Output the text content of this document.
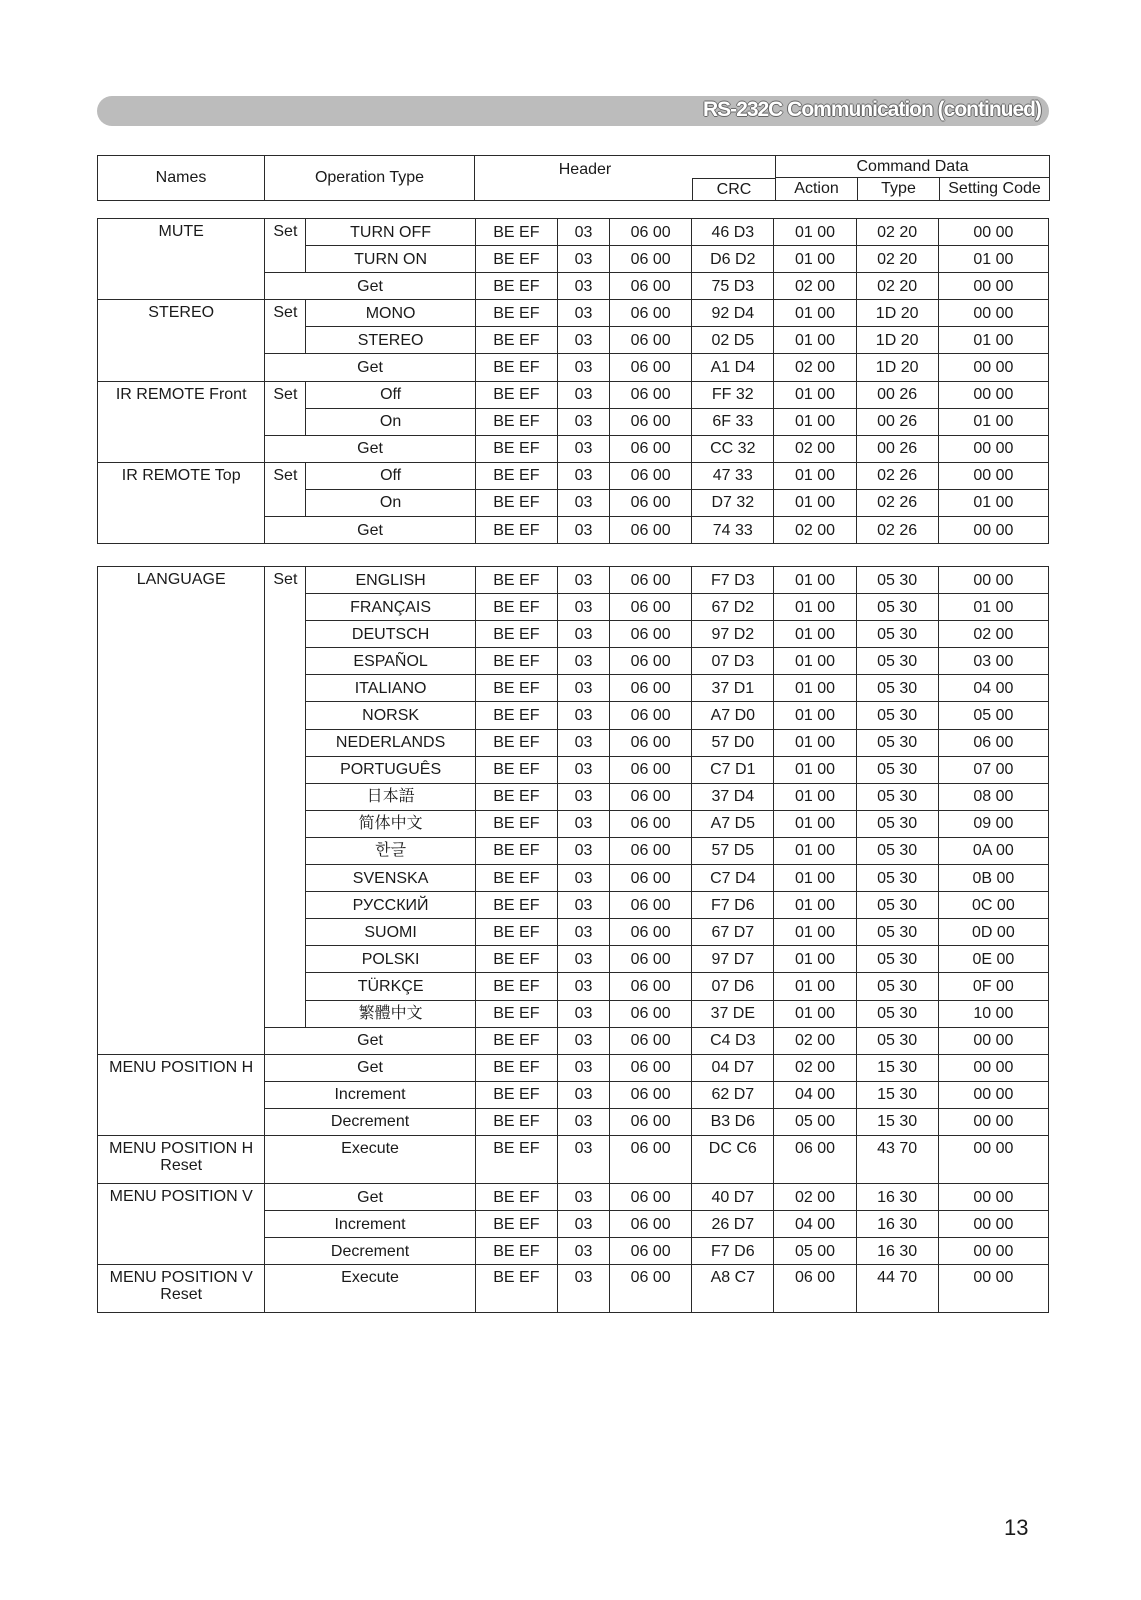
RS-232C Communication (continued)
Names	Operation Type	Header	Command Data		
		CRC	Action	Type	Setting Code
MUTE	Set	TURN OFF	BE EF	03	06 00	46 D3	01 00	02 20	00 00
		TURN ON	BE EF	03	06 00	D6 D2	01 00	02 20	01 00
	Get		BE EF	03	06 00	75 D3	02 00	02 20	00 00
STEREO	Set	MONO	BE EF	03	06 00	92 D4	01 00	1D 20	00 00
		STEREO	BE EF	03	06 00	02 D5	01 00	1D 20	01 00
	Get		BE EF	03	06 00	A1 D4	02 00	1D 20	00 00
IR REMOTE Front	Set	Off	BE EF	03	06 00	FF 32	01 00	00 26	00 00
		On	BE EF	03	06 00	6F 33	01 00	00 26	01 00
	Get		BE EF	03	06 00	CC 32	02 00	00 26	00 00
IR REMOTE Top	Set	Off	BE EF	03	06 00	47 33	01 00	02 26	00 00
		On	BE EF	03	06 00	D7 32	01 00	02 26	01 00
	Get		BE EF	03	06 00	74 33	02 00	02 26	00 00
LANGUAGE	Set	ENGLISH	BE EF	03	06 00	F7 D3	01 00	05 30	00 00
		FRANÇAIS	BE EF	03	06 00	67 D2	01 00	05 30	01 00
		DEUTSCH	BE EF	03	06 00	97 D2	01 00	05 30	02 00
		ESPAÑOL	BE EF	03	06 00	07 D3	01 00	05 30	03 00
		ITALIANO	BE EF	03	06 00	37 D1	01 00	05 30	04 00
		NORSK	BE EF	03	06 00	A7 D0	01 00	05 30	05 00
		NEDERLANDS	BE EF	03	06 00	57 D0	01 00	05 30	06 00
		PORTUGUÊS	BE EF	03	06 00	C7 D1	01 00	05 30	07 00
		日本語	BE EF	03	06 00	37 D4	01 00	05 30	08 00
		简体中文	BE EF	03	06 00	A7 D5	01 00	05 30	09 00
		한글	BE EF	03	06 00	57 D5	01 00	05 30	0A 00
		SVENSKA	BE EF	03	06 00	C7 D4	01 00	05 30	0B 00
		РУССКИЙ	BE EF	03	06 00	F7 D6	01 00	05 30	0C 00
		SUOMI	BE EF	03	06 00	67 D7	01 00	05 30	0D 00
		POLSKI	BE EF	03	06 00	97 D7	01 00	05 30	0E 00
		TÜRKÇE	BE EF	03	06 00	07 D6	01 00	05 30	0F 00
		繁體中文	BE EF	03	06 00	37 DE	01 00	05 30	10 00
	Get		BE EF	03	06 00	C4 D3	02 00	05 30	00 00
MENU POSITION H	Get		BE EF	03	06 00	04 D7	02 00	15 30	00 00
	Increment		BE EF	03	06 00	62 D7	04 00	15 30	00 00
	Decrement		BE EF	03	06 00	B3 D6	05 00	15 30	00 00
MENU POSITION H Reset	Execute		BE EF	03	06 00	DC C6	06 00	43 70	00 00
MENU POSITION V	Get		BE EF	03	06 00	40 D7	02 00	16 30	00 00
	Increment		BE EF	03	06 00	26 D7	04 00	16 30	00 00
	Decrement		BE EF	03	06 00	F7 D6	05 00	16 30	00 00
MENU POSITION V Reset	Execute		BE EF	03	06 00	A8 C7	06 00	44 70	00 00
13
